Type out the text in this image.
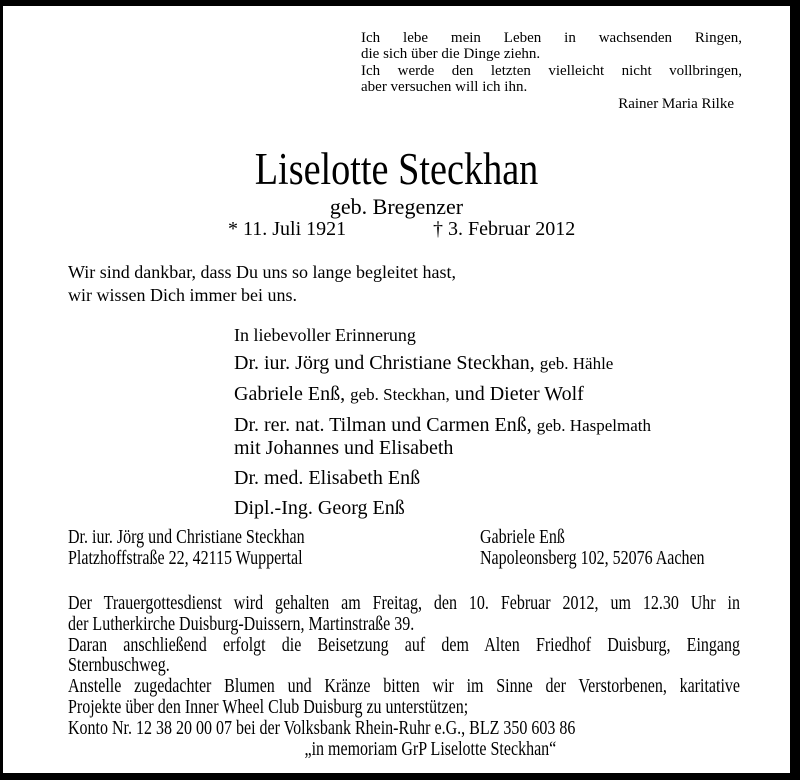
Ich lebe mein Leben in wachsenden Ringen,
die sich über die Dinge ziehn.
Ich werde den letzten vielleicht nicht vollbringen,
aber versuchen will ich ihn.
Rainer Maria Rilke
Liselotte Steckhan
geb. Bregenzer
* 11. Juli 1921	† 3. Februar 2012
Wir sind dankbar, dass Du uns so lange begleitet hast,
wir wissen Dich immer bei uns.
In liebevoller Erinnerung
Dr. iur. Jörg und Christiane Steckhan, geb. Hähle
Gabriele Enß, geb. Steckhan, und Dieter Wolf
Dr. rer. nat. Tilman und Carmen Enß, geb. Haspelmath
mit Johannes und Elisabeth
Dr. med. Elisabeth Enß
Dipl.-Ing. Georg Enß
Dr. iur. Jörg und Christiane Steckhan
Platzhoffstraße 22, 42115 Wuppertal
Gabriele Enß
Napoleonsberg 102, 52076 Aachen
Der Trauergottesdienst wird gehalten am Freitag, den 10. Februar 2012, um 12.30 Uhr in
der Lutherkirche Duisburg-Duissern, Martinstraße 39.
Daran anschließend erfolgt die Beisetzung auf dem Alten Friedhof Duisburg, Eingang
Sternbuschweg.
Anstelle zugedachter Blumen und Kränze bitten wir im Sinne der Verstorbenen, karitative
Projekte über den Inner Wheel Club Duisburg zu unterstützen;
Konto Nr. 12 38 20 00 07 bei der Volksbank Rhein-Ruhr e.G., BLZ 350 603 86
„in memoriam GrP Liselotte Steckhan“
